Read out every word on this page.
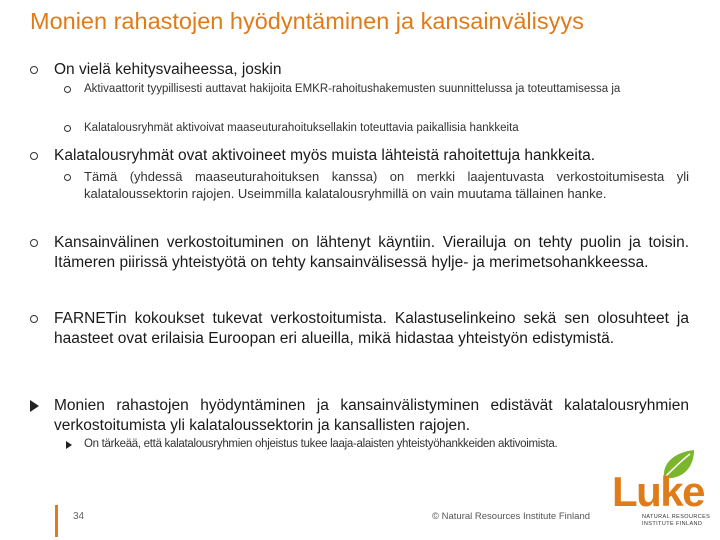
Monien rahastojen hyödyntäminen ja kansainvälisyys
On vielä kehitysvaiheessa, joskin
Aktivaattorit tyypillisesti auttavat hakijoita EMKR-rahoitushakemusten suunnittelussa ja toteuttamisessa ja
Kalatalousryhmät aktivoivat maaseuturahoituksellakin toteuttavia paikallisia hankkeita
Kalatalousryhmät ovat aktivoineet myös muista lähteistä rahoitettuja hankkeita.
Tämä (yhdessä maaseuturahoituksen kanssa) on merkki laajentuvasta verkostoitumisesta yli kalataloussektorin rajojen. Useimmilla kalatalousryhmillä on vain muutama tällainen hanke.
Kansainvälinen verkostoituminen on lähtenyt käyntiin. Vierailuja on tehty puolin ja toisin. Itämeren piirissä yhteistyötä on tehty kansainvälisessä hylje- ja merimetsohankkeessa.
FARNETin kokoukset tukevat verkostoitumista. Kalastuselinkeino sekä sen olosuhteet ja haasteet ovat erilaisia Euroopan eri alueilla, mikä hidastaa yhteistyön edistymistä.
Monien rahastojen hyödyntäminen ja kansainvälistyminen edistävät kalatalousryhmien verkostoitumista yli kalataloussektorin ja kansallisten rajojen.
On tärkeää, että kalatalousryhmien ohjeistus tukee laaja-alaisten yhteistyöhankkeiden aktivoimista.
Luke
NATURAL RESOURCES
INSTITUTE FINLAND
34	© Natural Resources Institute Finland
